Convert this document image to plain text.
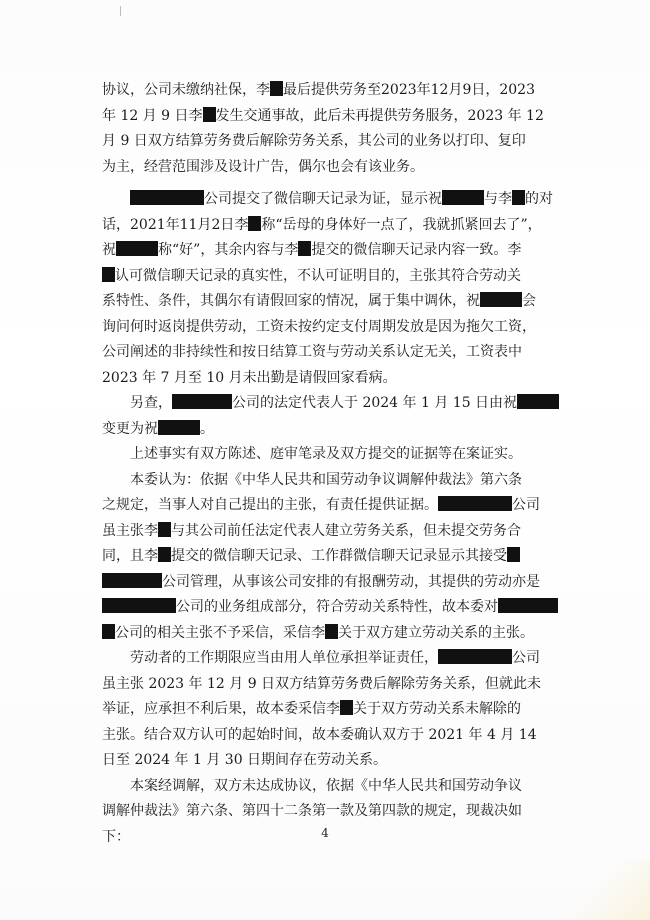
协议，公司未缴纳社保，李 最后提供劳务至2023年12月9日，2023
年 12 月 9 日李 发生交通事故，此后未再提供劳务服务，2023 年 12
月 9 日双方结算劳务费后解除劳务关系，其公司的业务以打印、复印
为主，经营范围涉及设计广告，偶尔也会有该业务。
公司提交了微信聊天记录为证，显示祝	与李 的对
话，2021年11月2日李 称“岳母的身体好一点了，我就抓紧回去了”，
祝	称“好”，其余内容与李 提交的微信聊天记录内容一致。李
认可微信聊天记录的真实性，不认可证明目的，主张其符合劳动关
系特性、条件，其偶尔有请假回家的情况，属于集中调休，祝	会
询问何时返岗提供劳动，工资未按约定支付周期发放是因为拖欠工资，
公司阐述的非持续性和按日结算工资与劳动关系认定无关，工资表中
2023 年 7 月至 10 月未出勤是请假回家看病。
另查，	公司的法定代表人于 2024 年 1 月 15 日由祝
变更为祝	。
上述事实有双方陈述、庭审笔录及双方提交的证据等在案证实。
本委认为：依据《中华人民共和国劳动争议调解仲裁法》第六条
之规定，当事人对自己提出的主张，有责任提供证据。	公司
虽主张李 与其公司前任法定代表人建立劳务关系，但未提交劳务合
同，且李 提交的微信聊天记录、工作群微信聊天记录显示其接受
公司管理，从事该公司安排的有报酬劳动，其提供的劳动亦是
公司的业务组成部分，符合劳动关系特性，故本委对
公司的相关主张不予采信，采信李 关于双方建立劳动关系的主张。
劳动者的工作期限应当由用人单位承担举证责任，	公司
虽主张 2023 年 12 月 9 日双方结算劳务费后解除劳务关系，但就此未
举证，应承担不利后果，故本委采信李 关于双方劳动关系未解除的
主张。结合双方认可的起始时间，故本委确认双方于 2021 年 4 月 14
日至 2024 年 1 月 30 日期间存在劳动关系。
本案经调解，双方未达成协议，依据《中华人民共和国劳动争议
调解仲裁法》第六条、第四十二条第一款及第四款的规定，现裁决如
下：	4
